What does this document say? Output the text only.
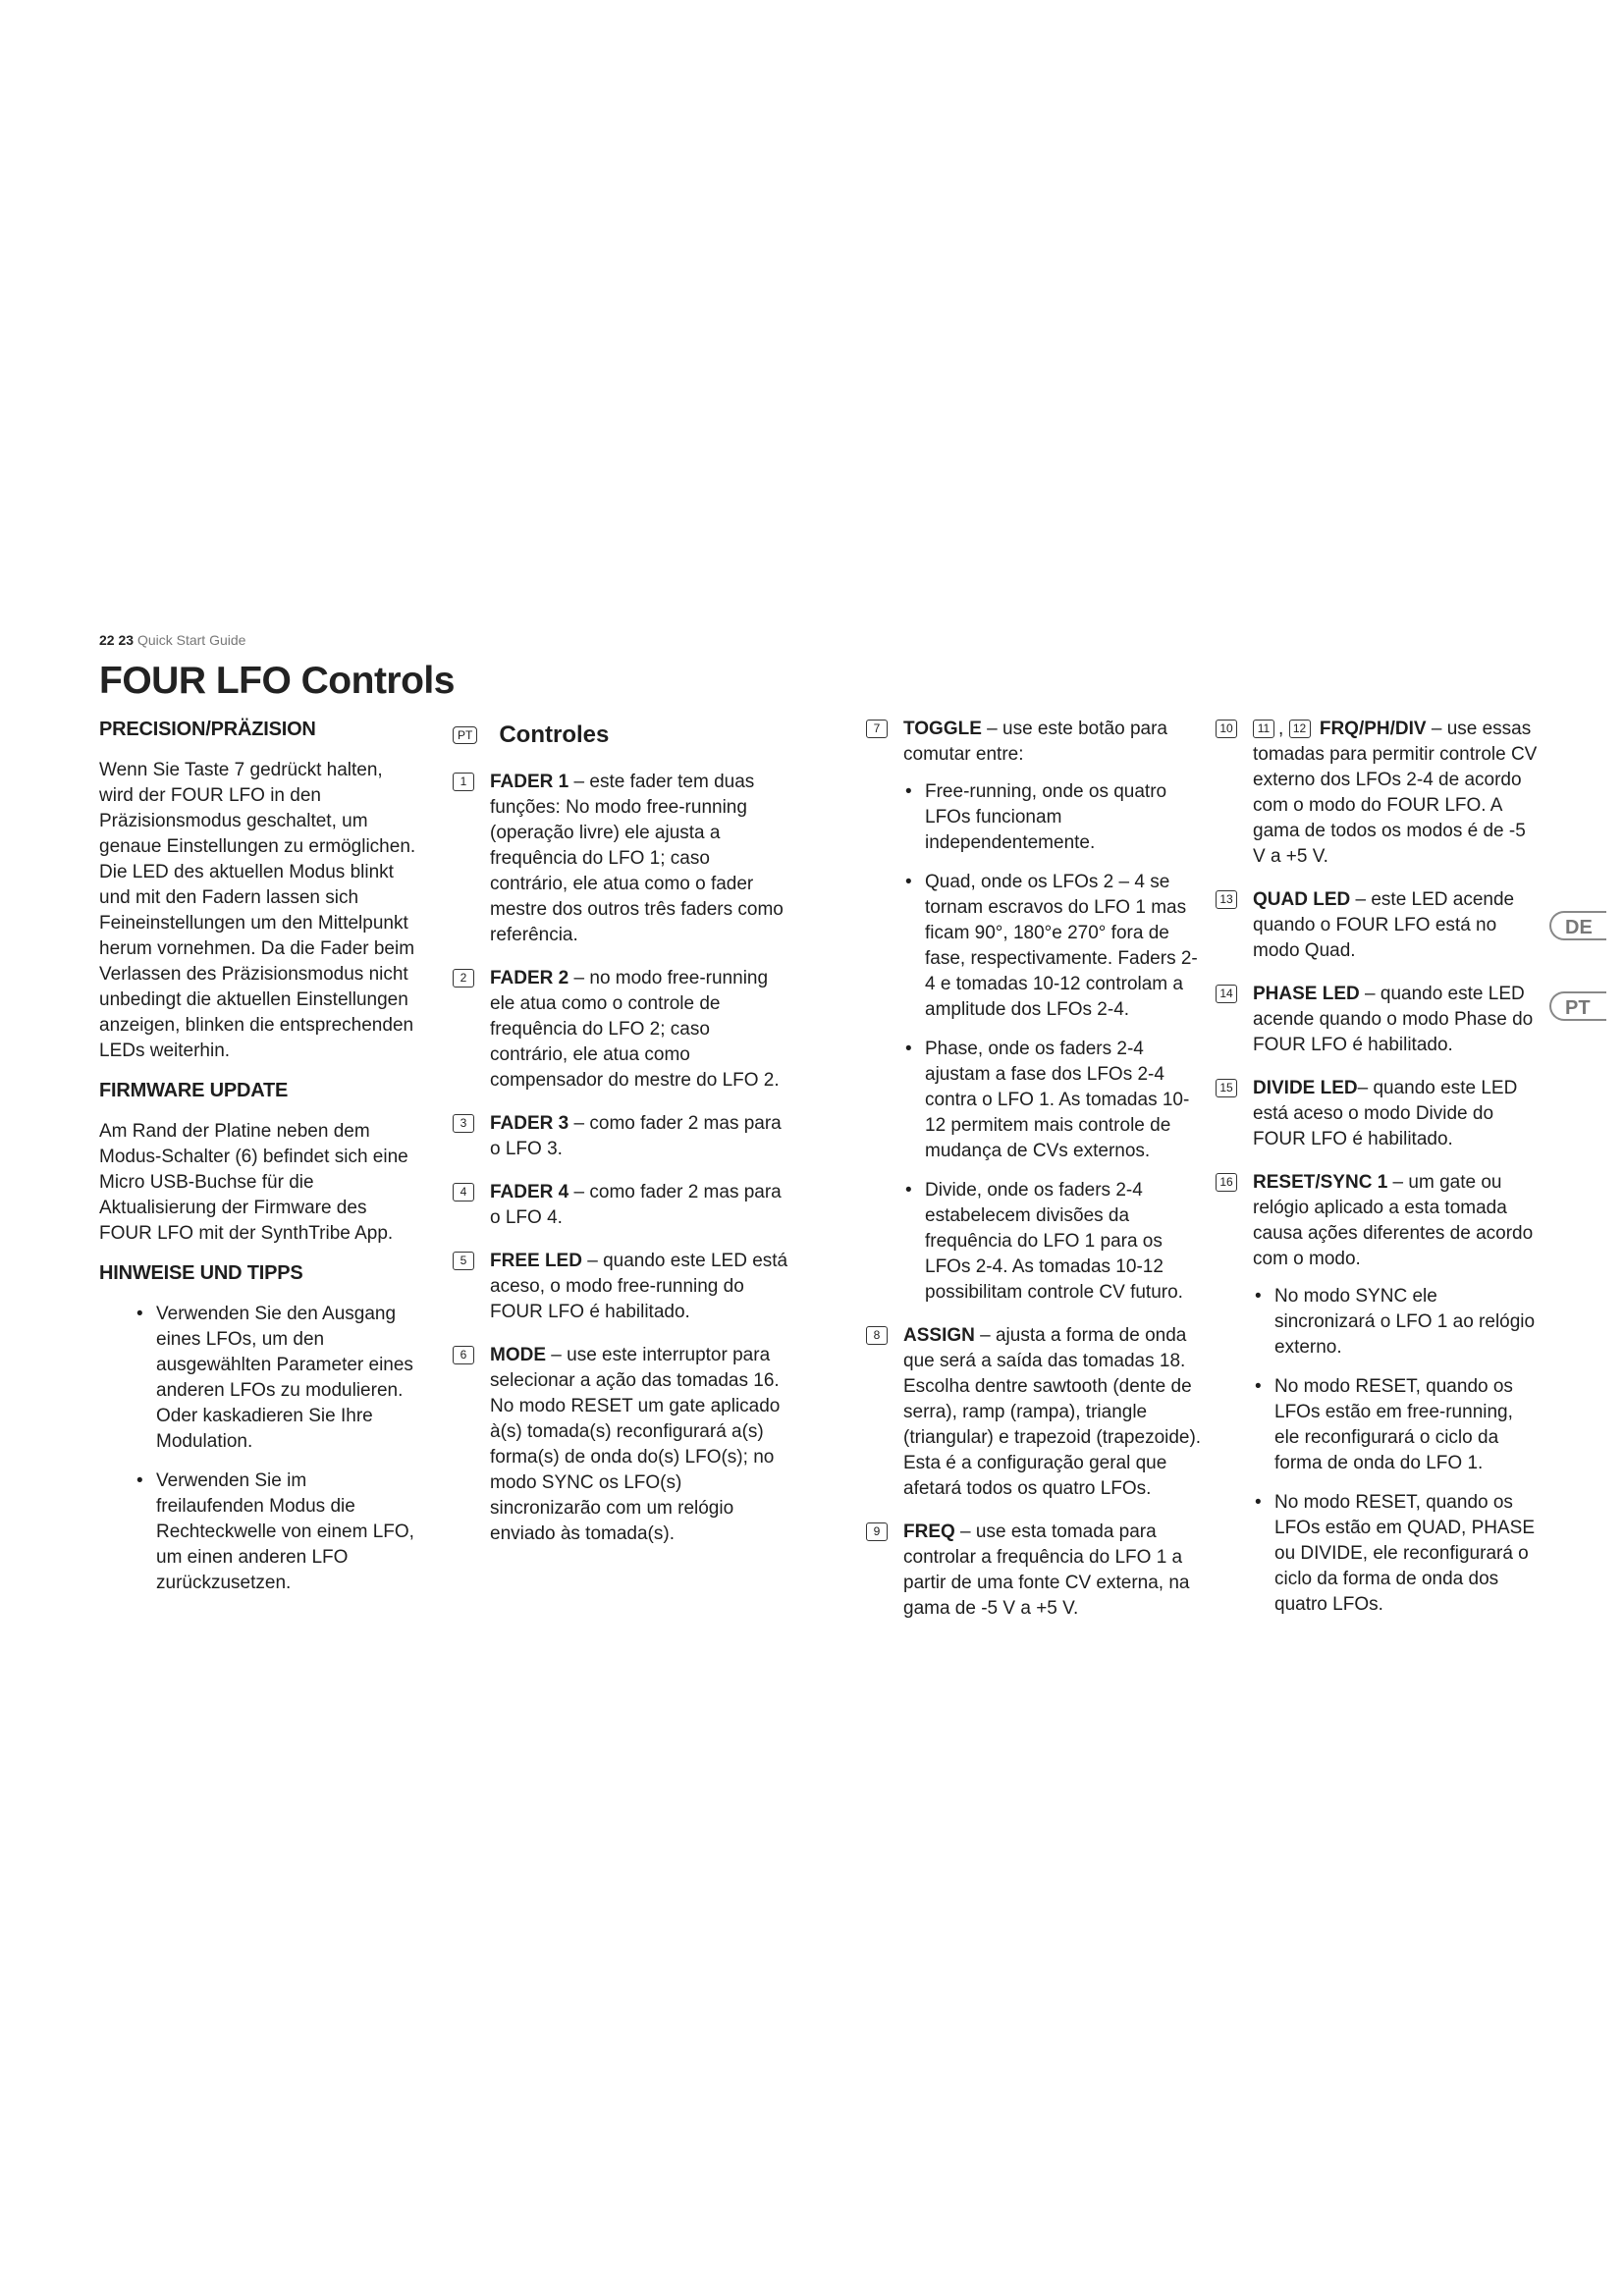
22 23 Quick Start Guide
FOUR LFO Controls
PRECISION/PRÄZISION

Wenn Sie Taste 7 gedrückt halten, wird der FOUR LFO in den Präzisionsmodus geschaltet, um genaue Einstellungen zu ermöglichen. Die LED des aktuellen Modus blinkt und mit den Fadern lassen sich Feineinstellungen um den Mittelpunkt herum vornehmen. Da die Fader beim Verlassen des Präzisionsmodus nicht unbedingt die aktuellen Einstellungen anzeigen, blinken die entsprechenden LEDs weiterhin.

FIRMWARE UPDATE

Am Rand der Platine neben dem Modus-Schalter (6) befindet sich eine Micro USB-Buchse für die Aktualisierung der Firmware des FOUR LFO mit der SynthTribe App.

HINWEISE UND TIPPS
• Verwenden Sie den Ausgang eines LFOs, um den ausgewählten Parameter eines anderen LFOs zu modulieren. Oder kaskadieren Sie Ihre Modulation.
• Verwenden Sie im freilaufenden Modus die Rechteckwelle von einem LFO, um einen anderen LFO zurückzusetzen.
PT Controles
1	FADER 1 – este fader tem duas funções: No modo free-running (operação livre) ele ajusta a frequência do LFO 1; caso contrário, ele atua como o fader mestre dos outros três faders como referência.
2	FADER 2 – no modo free-running ele atua como o controle de frequência do LFO 2; caso contrário, ele atua como compensador do mestre do LFO 2.
3	FADER 3 – como fader 2 mas para o LFO 3.
4	FADER 4 – como fader 2 mas para o LFO 4.
5	FREE LED – quando este LED está aceso, o modo free-running do FOUR LFO é habilitado.
6	MODE – use este interruptor para selecionar a ação das tomadas 16. No modo RESET um gate aplicado à(s) tomada(s) reconfigurará a(s) forma(s) de onda do(s) LFO(s); no modo SYNC os LFO(s) sincronizarão com um relógio enviado às tomada(s).
7	TOGGLE – use este botão para comutar entre:
• Free-running, onde os quatro LFOs funcionam independentemente.
• Quad, onde os LFOs 2 – 4 se tornam escravos do LFO 1 mas ficam 90°, 180°e 270° fora de fase, respectivamente. Faders 2-4 e tomadas 10-12 controlam a amplitude dos LFOs 2-4.
• Phase, onde os faders 2-4 ajustam a fase dos LFOs 2-4 contra o LFO 1. As tomadas 10-12 permitem mais controle de mudança de CVs externos.
• Divide, onde os faders 2-4 estabelecem divisões da frequência do LFO 1 para os LFOs 2-4. As tomadas 10-12 possibilitam controle CV futuro.
8	ASSIGN – ajusta a forma de onda que será a saída das tomadas 18. Escolha dentre sawtooth (dente de serra), ramp (rampa), triangle (triangular) e trapezoid (trapezoide). Esta é a configuração geral que afetará todos os quatro LFOs.
9	FREQ – use esta tomada para controlar a frequência do LFO 1 a partir de uma fonte CV externa, na gama de -5 V a +5 V.
10	11 , 12 FRQ/PH/DIV – use essas tomadas para permitir controle CV externo dos LFOs 2-4 de acordo com o modo do FOUR LFO. A gama de todos os modos é de -5 V a +5 V.
13 QUAD LED – este LED acende quando o FOUR LFO está no modo Quad.
14 PHASE LED – quando este LED acende quando o modo Phase do FOUR LFO é habilitado.
15 DIVIDE LED– quando este LED está aceso o modo Divide do FOUR LFO é habilitado.
16 RESET/SYNC 1 – um gate ou relógio aplicado a esta tomada causa ações diferentes de acordo com o modo.
• No modo SYNC ele sincronizará o LFO 1 ao relógio externo.
• No modo RESET, quando os LFOs estão em free-running, ele reconfigurará o ciclo da forma de onda do LFO 1.
• No modo RESET, quando os LFOs estão em QUAD, PHASE ou DIVIDE, ele reconfigurará o ciclo da forma de onda dos quatro LFOs.
DE
PT
